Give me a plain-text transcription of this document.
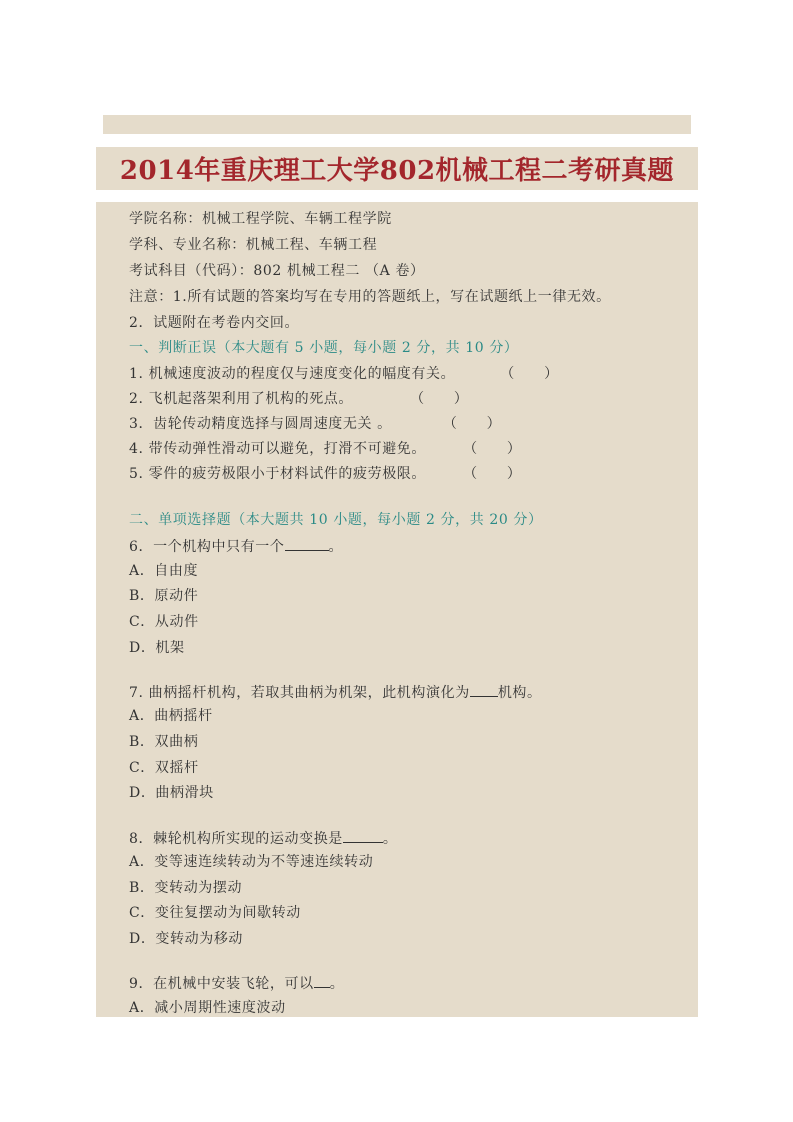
2014年重庆理工大学802机械工程二考研真题
学院名称：机械工程学院、车辆工程学院
学科、专业名称：机械工程、车辆工程
考试科目（代码）：802 机械工程二 （A 卷）
注意：1.所有试题的答案均写在专用的答题纸上，写在试题纸上一律无效。
2．试题附在考卷内交回。
一、判断正误（本大题有 5 小题，每小题 2 分，共 10 分）
1. 机械速度波动的程度仅与速度变化的幅度有关。	（　　）
2. 飞机起落架利用了机构的死点。	（　　）
3．齿轮传动精度选择与圆周速度无关 。	（　　）
4. 带传动弹性滑动可以避免，打滑不可避免。	（　　）
5. 零件的疲劳极限小于材料试件的疲劳极限。	（　　）
二、单项选择题（本大题共 10 小题，每小题 2 分，共 20 分）
6．一个机构中只有一个	。
A．自由度
B．原动件
C．从动件
D．机架
7. 曲柄摇杆机构，若取其曲柄为机架，此机构演化为 机构。
A．曲柄摇杆
B．双曲柄
C．双摇杆
D．曲柄滑块
8．棘轮机构所实现的运动变换是	。
A．变等速连续转动为不等速连续转动
B．变转动为摆动
C．变往复摆动为间歇转动
D．变转动为移动
9．在机械中安装飞轮，可以 。
A．减小周期性速度波动
